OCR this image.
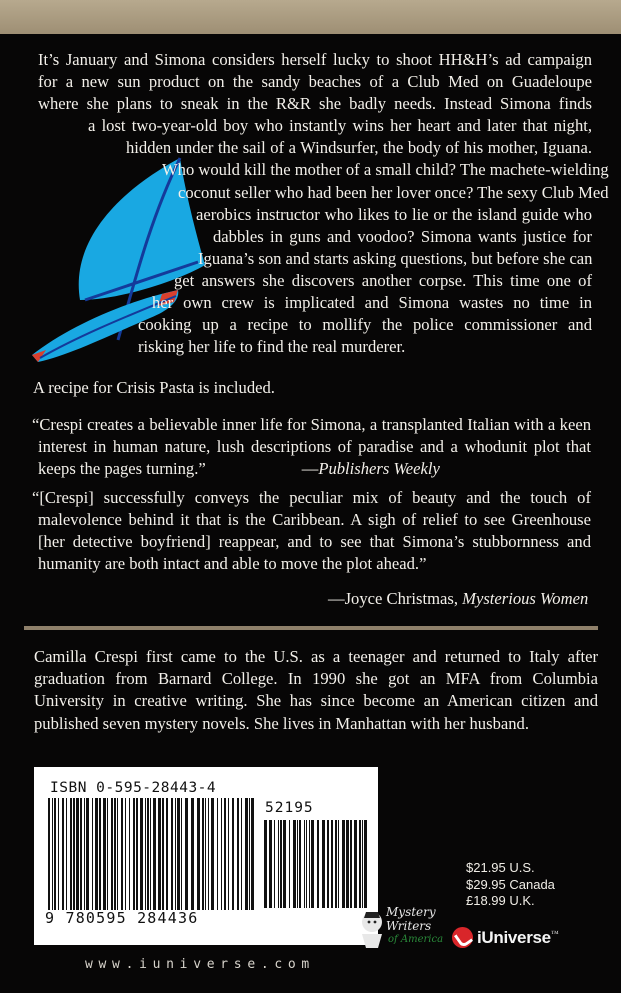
It’s January and Simona considers herself lucky to shoot HH&H’s ad campaign
for a new sun product on the sandy beaches of a Club Med on Guadeloupe
where she plans to sneak in the R&R she badly needs. Instead Simona finds
a lost two-year-old boy who instantly wins her heart and later that night,
hidden under the sail of a Windsurfer, the body of his mother, Iguana.
Who would kill the mother of a small child? The machete-wielding
coconut seller who had been her lover once? The sexy Club Med
aerobics instructor who likes to lie or the island guide who
dabbles in guns and voodoo? Simona wants justice for
Iguana’s son and starts asking questions, but before she can
get answers she discovers another corpse. This time one of
her own crew is implicated and Simona wastes no time in
cooking up a recipe to mollify the police commissioner and
risking her life to find the real murderer.
A recipe for Crisis Pasta is included.
“Crespi creates a believable inner life for Simona, a transplanted Italian with a keen
interest in human nature, lush descriptions of paradise and a whodunit plot that
keeps the pages turning.”	—Publishers Weekly
“[Crespi] successfully conveys the peculiar mix of beauty and the touch of
malevolence behind it that is the Caribbean. A sigh of relief to see Greenhouse
[her detective boyfriend] reappear, and to see that Simona’s stubbornness and
humanity are both intact and able to move the plot ahead.”
—Joyce Christmas, Mysterious Women
Camilla Crespi first came to the U.S. as a teenager and returned to Italy after
graduation from Barnard College. In 1990 she got an MFA from Columbia
University in creative writing. She has since become an American citizen and
published seven mystery novels. She lives in Manhattan with her husband.
ISBN 0-595-28443-4
52195
9 780595 284436
$21.95 U.S.
$29.95 Canada
£18.99 U.K.
Mystery
Writers
of America iUniverse ™
www.iuniverse.com
